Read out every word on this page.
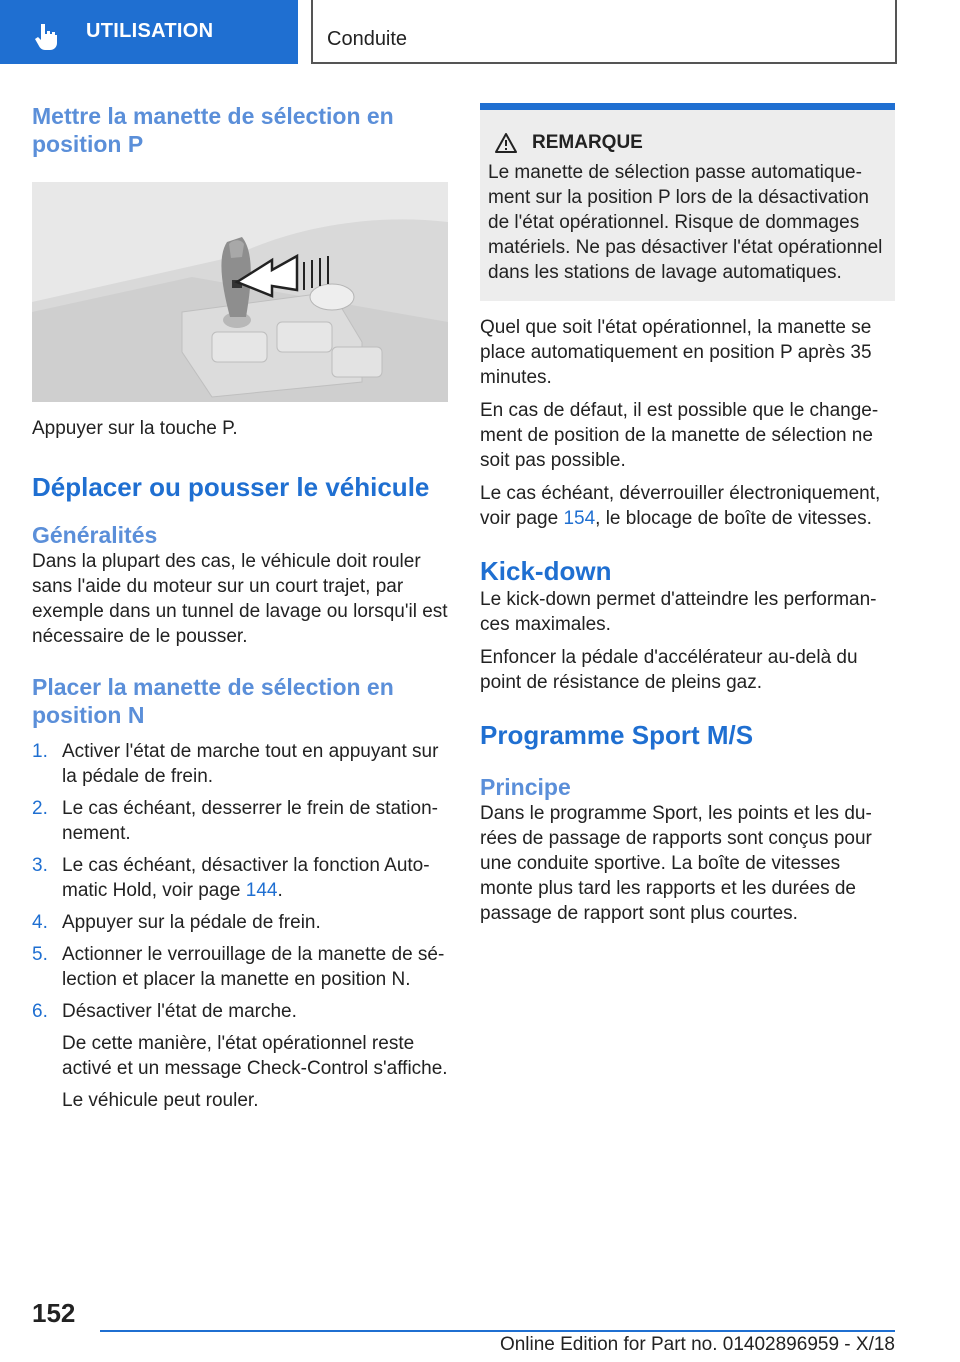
UTILISATION	Conduite
Mettre la manette de sélection en position P

Appuyer sur la touche P.

Déplacer ou pousser le véhicule
Généralités

Dans la plupart des cas, le véhicule doit rouler sans l'aide du moteur sur un court trajet, par exemple dans un tunnel de lavage ou lorsqu'il est nécessaire de le pousser.

Placer la manette de sélection en position N
1. Activer l'état de marche tout en appuyant sur la pédale de frein.
2. Le cas échéant, desserrer le frein de stationnement.
3. Le cas échéant, désactiver la fonction Automatic Hold, voir page 144.
4. Appuyer sur la pédale de frein.
5. Actionner le verrouillage de la manette de sélection et placer la manette en position N.
6. Désactiver l'état de marche.

De cette manière, l'état opérationnel reste activé et un message Check-Control s'affiche.

Le véhicule peut rouler.

REMARQUE

Le manette de sélection passe automatiquement sur la position P lors de la désactivation de l'état opérationnel. Risque de dommages matériels. Ne pas désactiver l'état opérationnel dans les stations de lavage automatiques.

Quel que soit l'état opérationnel, la manette se place automatiquement en position P après 35 minutes.

En cas de défaut, il est possible que le changement de position de la manette de sélection ne soit pas possible.

Le cas échéant, déverrouiller électroniquement, voir page 154, le blocage de boîte de vitesses.

Kick-down

Le kick-down permet d'atteindre les performances maximales.

Enfoncer la pédale d'accélérateur au-delà du point de résistance de pleins gaz.

Programme Sport M/S
Principe

Dans le programme Sport, les points et les durées de passage de rapports sont conçus pour une conduite sportive. La boîte de vitesses monte plus tard les rapports et les durées de passage de rapport sont plus courtes.

152
Online Edition for Part no. 01402896959 - X/18
